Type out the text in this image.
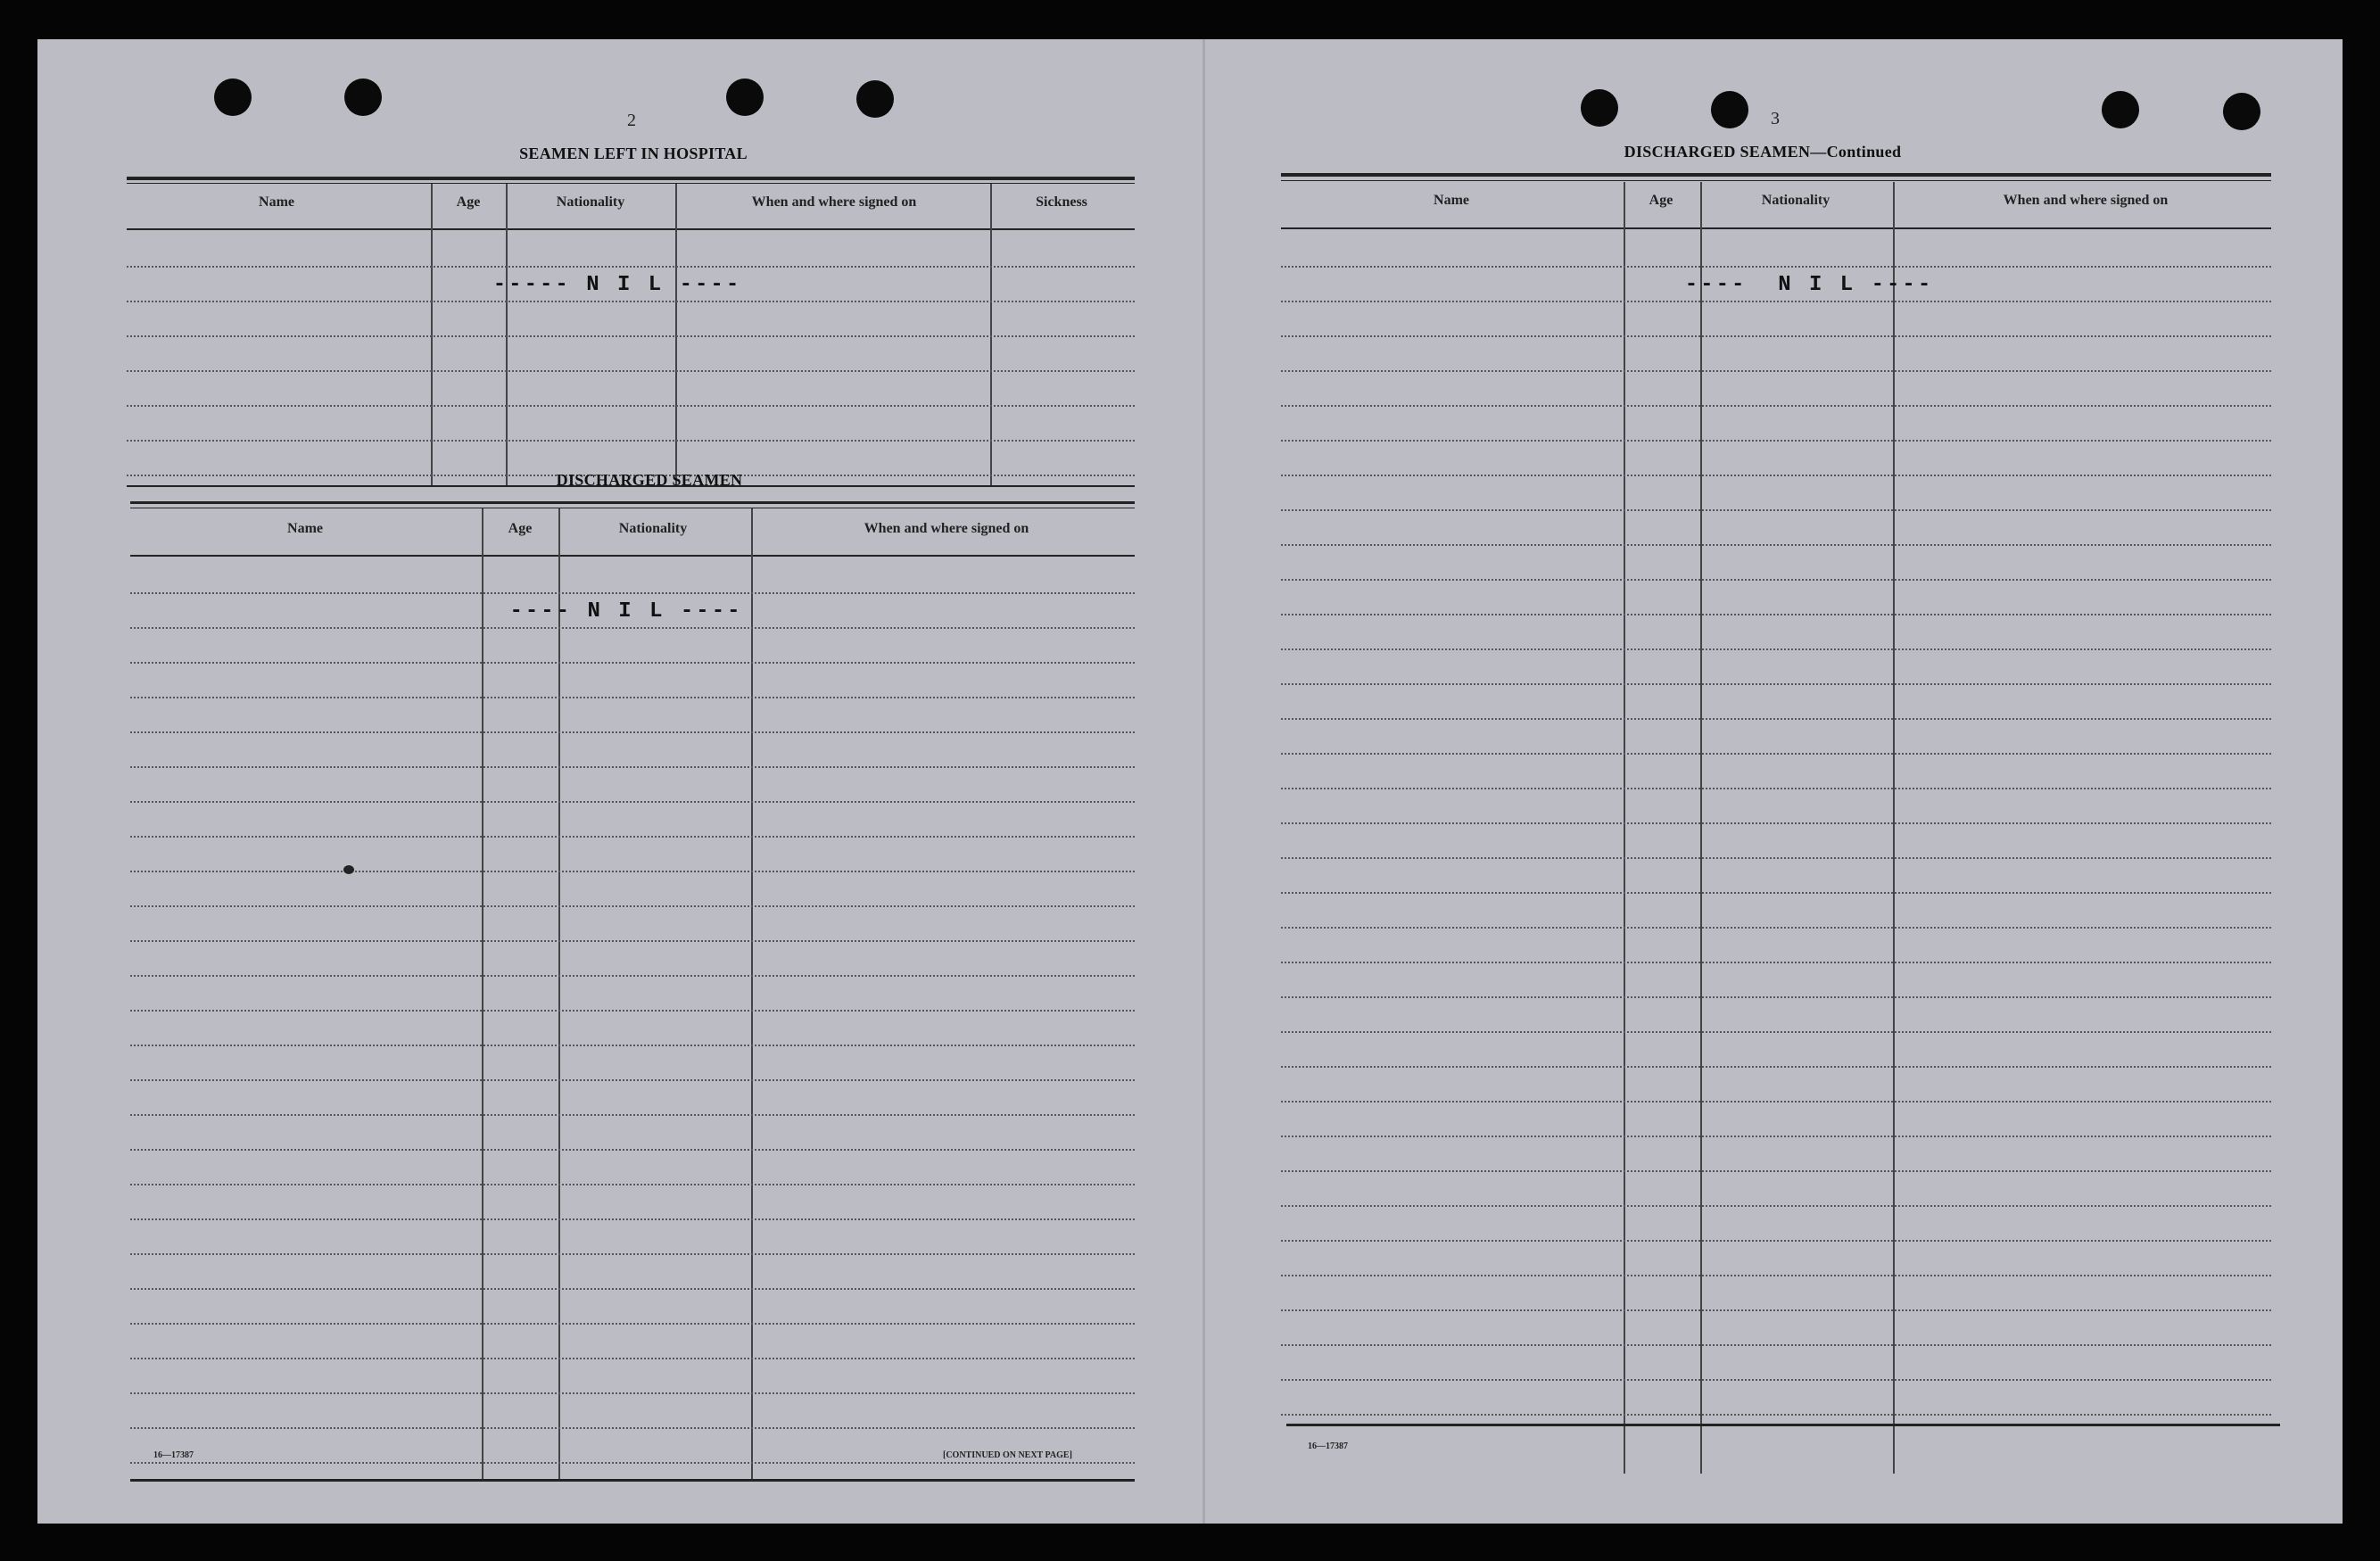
2
SEAMEN LEFT IN HOSPITAL
Name	Age	Nationality	When and where signed on	Sickness
----- N I L ----
DISCHARGED SEAMEN
Name	Age	Nationality	When and where signed on
---- N I L ----
16—17387	[CONTINUED ON NEXT PAGE]
3
DISCHARGED SEAMEN—Continued
Name	Age	Nationality	When and where signed on
----  N I L ----
16—17387
